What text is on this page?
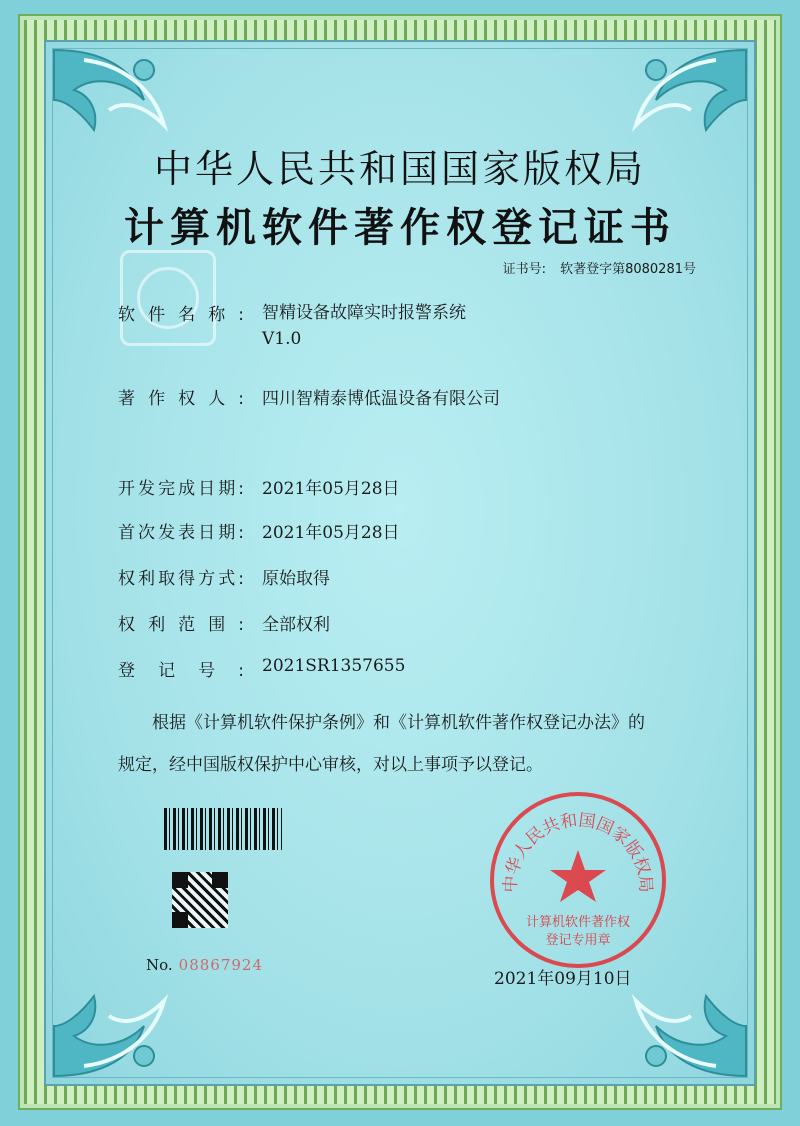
中华人民共和国国家版权局
计算机软件著作权登记证书
证书号: 软著登字第8080281号
软件名称: 智精设备故障实时报警系统
V1.0
著作权人: 四川智精泰博低温设备有限公司
开发完成日期: 2021年05月28日
首次发表日期: 2021年05月28日
权利取得方式: 原始取得
权利范围: 全部权利
登记号: 2021SR1357655
根据《计算机软件保护条例》和《计算机软件著作权登记办法》的
规定，经中国版权保护中心审核，对以上事项予以登记。
No. 08867924
中华人民共和国国家版权局
计算机软件著作权
登记专用章
2021年09月10日
